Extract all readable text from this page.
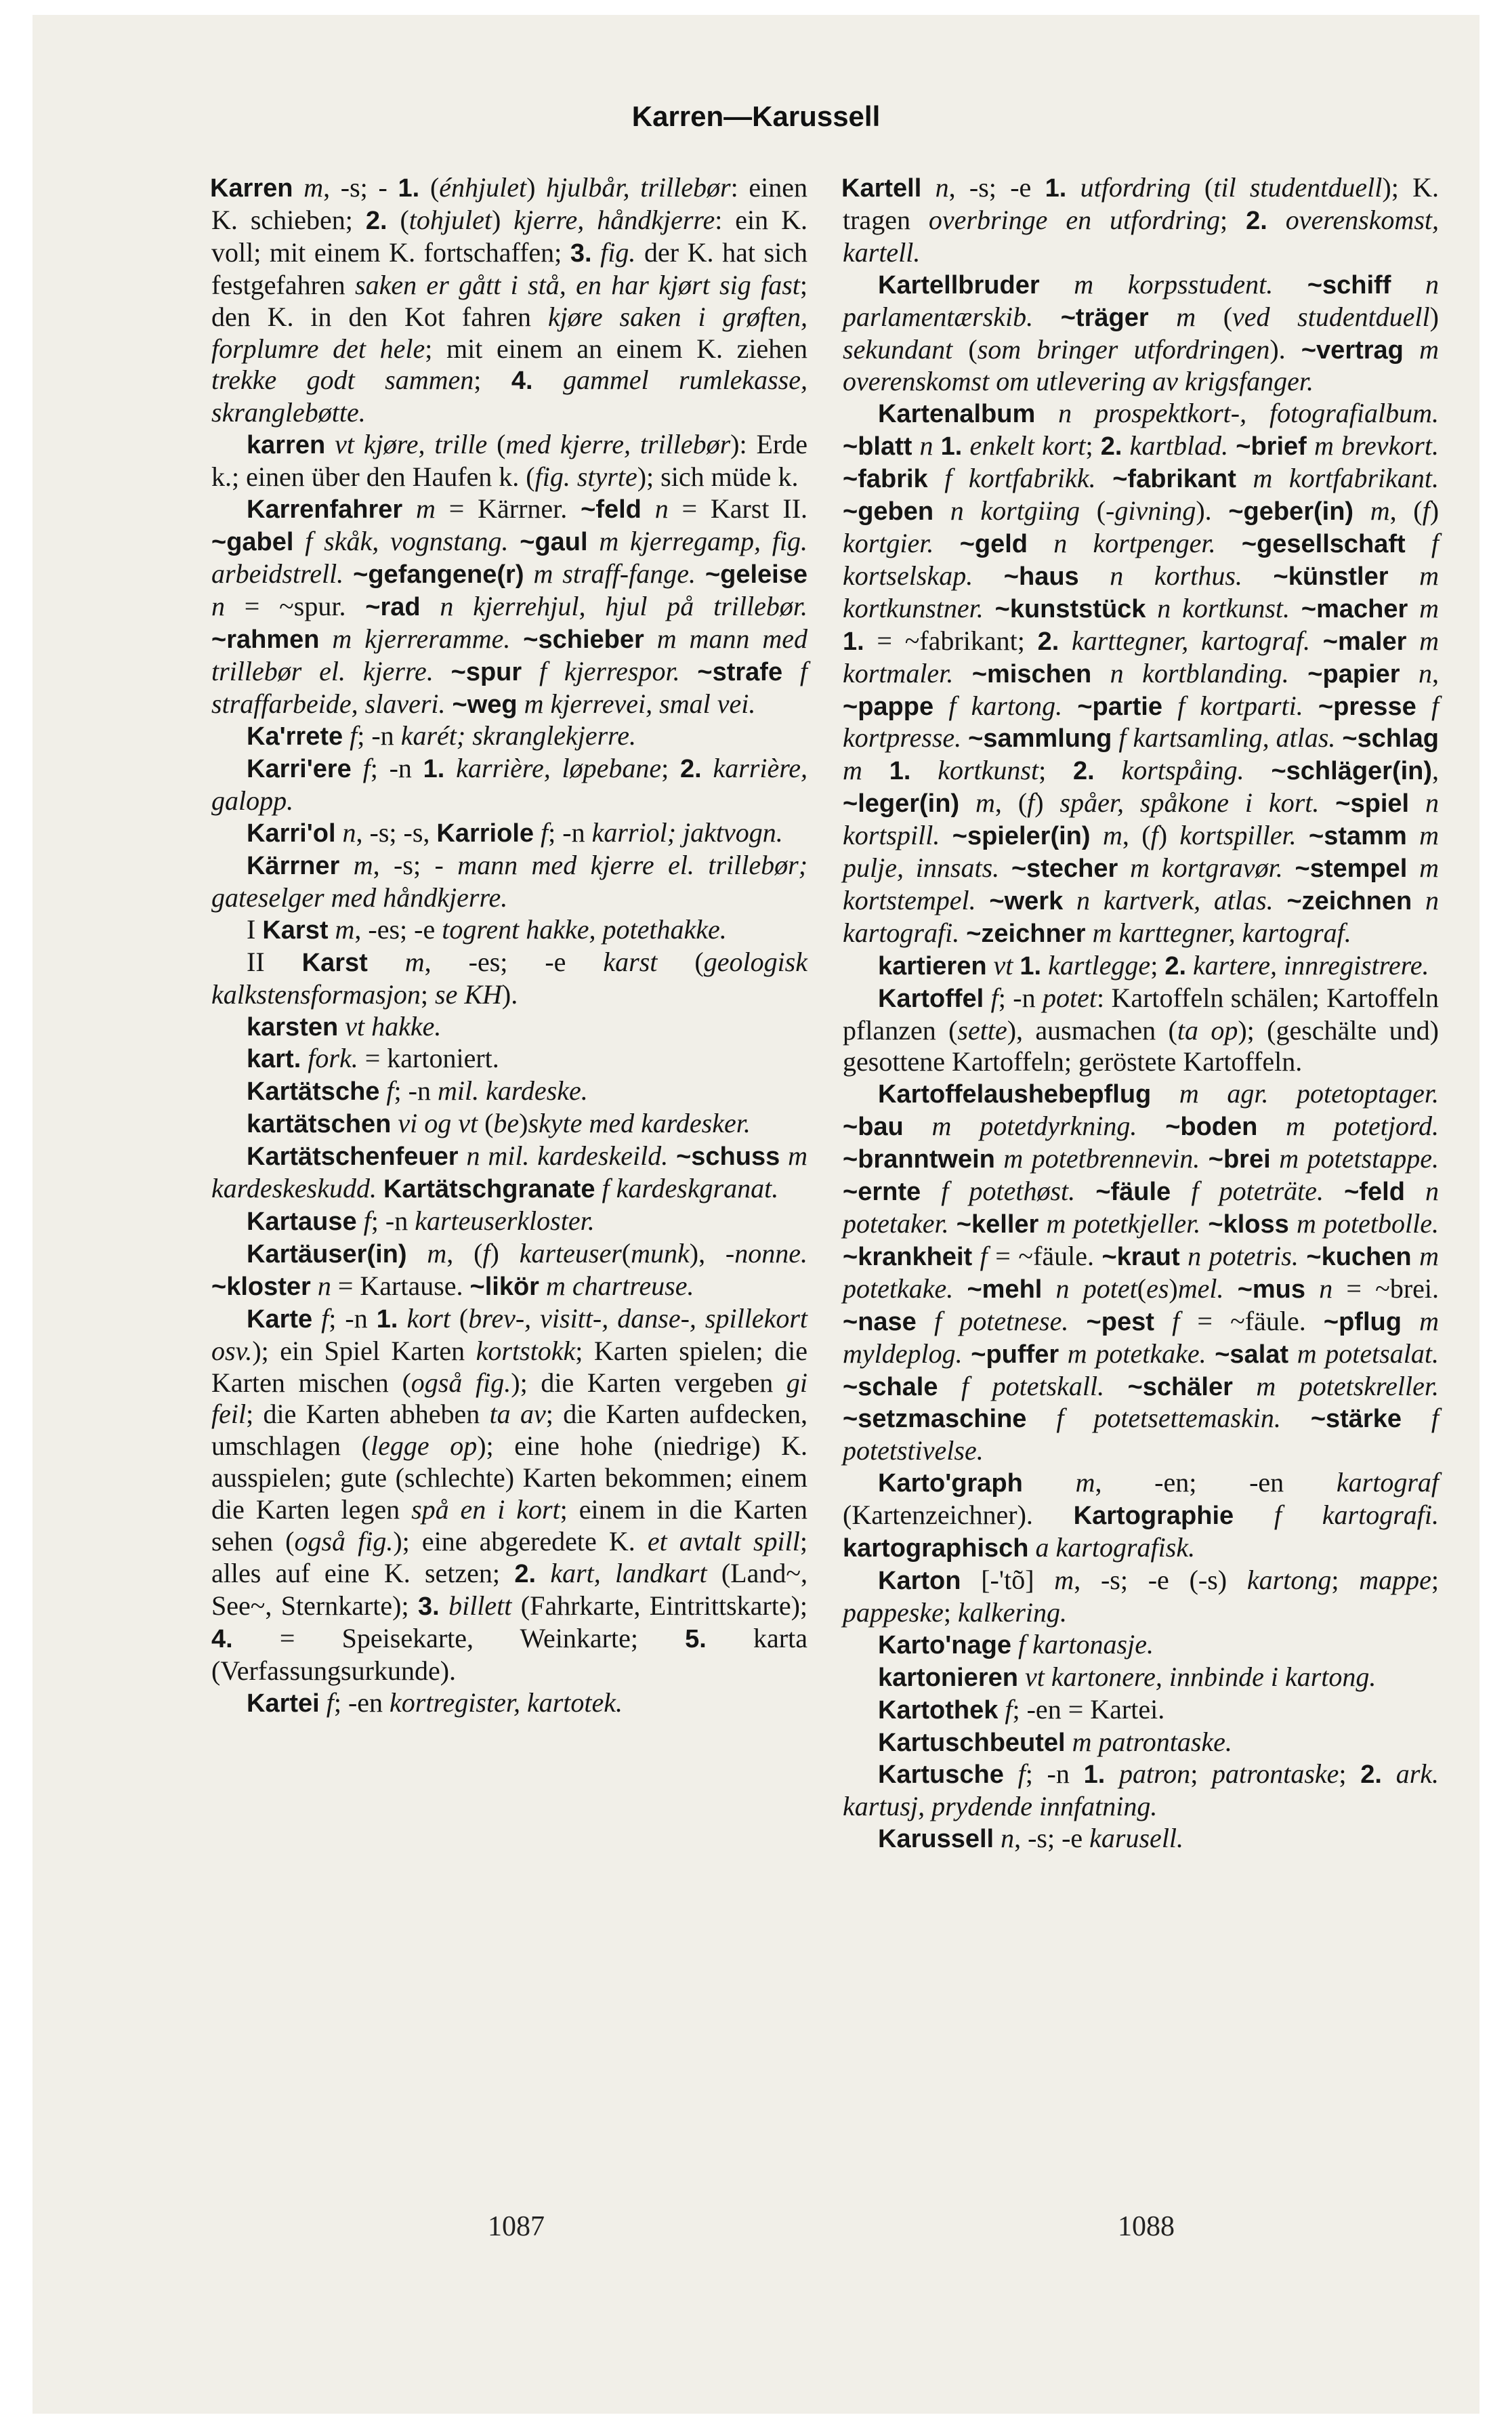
Karren—Karussell

Karren m, -s; - 1. (énhjulet) hjulbår, trillebør: einen K. schieben; 2. (tohjulet) kjerre, håndkjerre: ein K. voll; mit einem K. fortschaffen; 3. fig. der K. hat sich festgefahren saken er gått i stå, en har kjørt sig fast; den K. in den Kot fahren kjøre saken i grøften, forplumre det hele; mit einem an einem K. ziehen trekke godt sammen; 4. gammel rumlekasse, skranglebøtte.

karren vt kjøre, trille (med kjerre, trillebør): Erde k.; einen über den Haufen k. (fig. styrte); sich müde k.

Karrenfahrer m = Kärrner. ~feld n = Karst II. ~gabel f skåk, vognstang. ~gaul m kjerregamp, fig. arbeidstrell. ~gefangene(r) m straff-fange. ~geleise n = ~spur. ~rad n kjerrehjul, hjul på trillebør. ~rahmen m kjerreramme. ~schieber m mann med trillebør el. kjerre. ~spur f kjerrespor. ~strafe f straffarbeide, slaveri. ~weg m kjerrevei, smal vei.

Ka'rrete f; -n karét; skranglekjerre.

Karri'ere f; -n 1. karrière, løpebane; 2. karrière, galopp.

Karri'ol n, -s; -s, Karriole f; -n karriol; jaktvogn.

Kärrner m, -s; - mann med kjerre el. trillebør; gateselger med håndkjerre.

I Karst m, -es; -e togrent hakke, potethakke.

II Karst m, -es; -e karst (geologisk kalkstensformasjon; se KH).

karsten vt hakke.

kart. fork. = kartoniert.

Kartätsche f; -n mil. kardeske.

kartätschen vi og vt (be)skyte med kardesker.

Kartätschenfeuer n mil. kardeskeild. ~schuss m kardeskeskudd. Kartätschgranate f kardeskgranat.

Kartause f; -n karteuserkloster.

Kartäuser(in) m, (f) karteuser(munk), -nonne. ~kloster n = Kartause. ~likör m chartreuse.

Karte f; -n 1. kort (brev-, visitt-, danse-, spillekort osv.); ein Spiel Karten kortstokk; Karten spielen; die Karten mischen (også fig.); die Karten vergeben gi feil; die Karten abheben ta av; die Karten aufdecken, umschlagen (legge op); eine hohe (niedrige) K. ausspielen; gute (schlechte) Karten bekommen; einem die Karten legen spå en i kort; einem in die Karten sehen (også fig.); eine abgeredete K. et avtalt spill; alles auf eine K. setzen; 2. kart, landkart (Land~, See~, Sternkarte); 3. billett (Fahrkarte, Eintrittskarte); 4. = Speisekarte, Weinkarte; 5. karta (Verfassungsurkunde).

Kartei f; -en kortregister, kartotek.

Kartell n, -s; -e 1. utfordring (til studentduell); K. tragen overbringe en utfordring; 2. overenskomst, kartell.

Kartellbruder m korpsstudent. ~schiff n parlamentærskib. ~träger m (ved studentduell) sekundant (som bringer utfordringen). ~vertrag m overenskomst om utlevering av krigsfanger.

Kartenalbum n prospektkort-, fotografialbum. ~blatt n 1. enkelt kort; 2. kartblad. ~brief m brevkort. ~fabrik f kortfabrikk. ~fabrikant m kortfabrikant. ~geben n kortgiing (-givning). ~geber(in) m, (f) kortgier. ~geld n kortpenger. ~gesellschaft f kortselskap. ~haus n korthus. ~künstler m kortkunstner. ~kunststück n kortkunst. ~macher m 1. = ~fabrikant; 2. karttegner, kartograf. ~maler m kortmaler. ~mischen n kortblanding. ~papier n, ~pappe f kartong. ~partie f kortparti. ~presse f kortpresse. ~sammlung f kartsamling, atlas. ~schlag m 1. kortkunst; 2. kortspåing. ~schläger(in), ~leger(in) m, (f) spåer, spåkone i kort. ~spiel n kortspill. ~spieler(in) m, (f) kortspiller. ~stamm m pulje, innsats. ~stecher m kortgravør. ~stempel m kortstempel. ~werk n kartverk, atlas. ~zeichnen n kartografi. ~zeichner m karttegner, kartograf.

kartieren vt 1. kartlegge; 2. kartere, innregistrere.

Kartoffel f; -n potet: Kartoffeln schälen; Kartoffeln pflanzen (sette), ausmachen (ta op); (geschälte und) gesottene Kartoffeln; geröstete Kartoffeln.

Kartoffelaushebepflug m agr. potetoptager. ~bau m potetdyrkning. ~boden m potetjord. ~branntwein m potetbrennevin. ~brei m potetstappe. ~ernte f potethøst. ~fäule f poteträte. ~feld n potetaker. ~keller m potetkjeller. ~kloss m potetbolle. ~krankheit f = ~fäule. ~kraut n potetris. ~kuchen m potetkake. ~mehl n potet(es)mel. ~mus n = ~brei. ~nase f potetnese. ~pest f = ~fäule. ~pflug m myldeplog. ~puffer m potetkake. ~salat m potetsalat. ~schale f potetskall. ~schäler m potetskreller. ~setzmaschine f potetsettemaskin. ~stärke f potetstivelse.

Karto'graph m, -en; -en kartograf (Kartenzeichner). Kartographie f kartografi. kartographisch a kartografisk.

Karton [-'tõ] m, -s; -e (-s) kartong; mappe; pappeske; kalkering.

Karto'nage f kartonasje.

kartonieren vt kartonere, innbinde i kartong.

Kartothek f; -en = Kartei.

Kartuschbeutel m patrontaske.

Kartusche f; -n 1. patron; patrontaske; 2. ark. kartusj, prydende innfatning.

Karussell n, -s; -e karusell.

1087	1088
